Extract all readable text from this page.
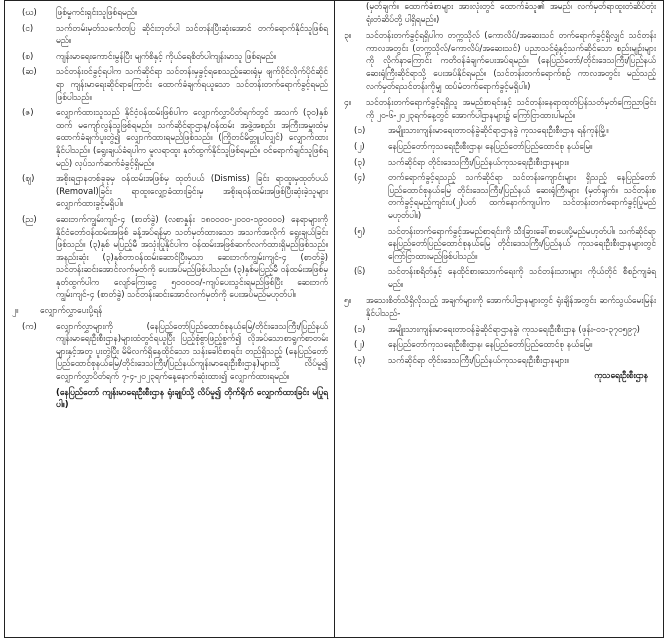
(ဃ)	ဖြစ်မှုကင်းရှင်းသူဖြစ်ရမည်။
(င)	သက်တမ်းမှတ်သင်္ကေတပြ ဆိုင်းဘုတ်ပါ သင်တန်းပြီးဆုံးအောင် တက်ရောက်နိုင်သူဖြစ်ရမည်။
(စ)	ကျန်းမာရေးကောင်းမွန်ပြီး မျက်စိနှင့် ကိုယ်ရေစိတ်ပါကျန်းမာသူ ဖြစ်ရမည်။
(ဆ)	သင်တန်းဝင်ခွင့်ရပါက သက်ဆိုင်ရာ သင်တန်းမှခွင့်ရစေသည့်ဆေးရုံမှ ဖျက်ဝိုင်လိုက်ပိုင်ဆိုင်ရာ ကျန်းမာရေးဆိုင်ရာကြောင်း ထောက်ခံချက်ရယူသော သင်တန်းတက်ရောက်ခွင့်ရမည်ဖြစ်ပါသည်။
(ဇ)	လျှောက်ထားသူသည် နိုင်ငံ့ဝန်ထမ်းဖြစ်ပါက လျှောက်လွှာပိတ်ရက်တွင် အသက် (၃၀)နှစ်ထက် မကျော်လွန်သူဖြစ်ရမည်။ သက်ဆိုင်ရာဌာန/ဝန်ထမ်း အဖွဲ့အစည်း အကြီးအမှူးထံမှ ထောက်ခံချက်ပူးတွဲ၍ လျှောက်ထားရမည်ဖြစ်သည်။ (ကြိုတင်မိတ္တူပါလျှင်) လျှောက်ထားနိုင်ပါသည်။ (ရွေးချယ်ခံရပါက မူလရာထူး နုတ်ထွက်နိုင်သူဖြစ်ရမည်။ ဝင်ရောက်ချင်သူဖြစ်ရမည်) လုပ်သက်ဆက်ခံခွင့်ရှိမည်။
(ဈ)	အစိုးရဌာနတစ်ခုခုမှ ဝန်ထမ်းအဖြစ်မှ ထုတ်ပယ် (Dismiss) ခြင်း ရာထူးမှထုတ်ပယ် (Removal)ခြင်း ရာထူးလျှော့ခံထားခြင်းမှ အစိုးရဝန်ထမ်းအဖြစ်ပြီးဆုံးခဲ့သူများ လျှောက်ထားခွင့်မရှိပါ။
(ည)	ဆေးဘက်ကျွမ်းကျင်-၄ (စာတ်ခွဲ) (လစာနှုန်း ၁၈၀၀၀၀-၂၀၀၀-၁၉၀၀၀၀) နေရာများကို နိုင်ငံတော်ဝန်ထမ်းအဖြစ် ခန့်အပ်ရန်မှာ သတ်မှတ်ထားသော အသက်အလိုက် ရွေးချယ်ခြင်းဖြစ်သည်။ (၃)နှစ် မပြည့်မီ အသုံးပြုနိုင်ပါက ဝန်ထမ်းအဖြစ်ဆက်လက်ထားရှိမည်ဖြစ်သည်။ အနည်းဆုံး (၃)နှစ်တာဝန်ထမ်းဆောင်ပြီးမှသာ ဆေးဘက်ကျွမ်းကျင်-၄ (စာတ်ခွဲ) သင်တန်းဆင်းအောင်လက်မှတ်ကို ပေးအပ်မည်ဖြစ်ပါသည်။ (၃)နှစ်မပြည့်မီ ဝန်ထမ်းအဖြစ်မှ နုတ်ထွက်ပါက လျော်ကြေးငွေ ၅၀၀၀၀၀/-ကျပ်ပေးသွင်းရမည်ဖြစ်ပြီး ဆေးဘက်ကျွမ်းကျင်-၄ (စာတ်ခွဲ) သင်တန်းဆင်းအောင်လက်မှတ်ကို ပေးအပ်မည်မဟုတ်ပါ။
၂။	လျှောက်လွှာပေးပို့ရန်
(က)	လျှောက်လွှာများကို (နေပြည်တော်ပြည်ထောင်စုနယ်မြေ/တိုင်းဒေသကြီး/ပြည်နယ်ကျန်းမာရေးဦးစီးဌာန)များထံတွင်ရယူပြီး ပြည့်စုံစွာဖြည့်စွက်၍ လိုအပ်သောစာရွက်စာတမ်းများနှင့်အတူ ပူးတွဲပြီး မိမိလက်ရှိနေထိုင်သော သန်းခေါင်စာရင်း တည်ရှိသည့် (နေပြည်တော်ပြည်ထောင်စုနယ်မြေ/တိုင်းဒေသကြီး/ပြည်နယ်ကျန်းမာရေးဦးစီးဌာန)များသို့ လိပ်မူ၍ လျှောက်လွှာပိတ်ရက် ၇-၄-၂၀၂၃ရက်နေ့နောက်ဆုံးထား၍ လျှောက်ထားရမည်။
(နေပြည်တော် ကျန်းမာရေးဦးစီးဌာန ရုံးချုပ်သို့ လိပ်မူ၍ တိုက်ရိုက် လျှောက်ထားခြင်း မပြုရပါ။)
(မှတ်ချက်။ ထောက်ခံစာများ အားလုံးတွင် ထောက်ခံသူ၏ အမည်၊ လက်မှတ်ရာထူးတံဆိပ်တုံး ရုံးတံဆိပ်တို့ ပါရှိရမည်။)
၃။	သင်တန်းတက်ခွင့်ရရှိပါက တက္ကသိုလ် (ကောလိပ်/အဆေးသင် တက်ရောက်ခွင့်ရှိလျှင် သင်တန်းကာလအတွင်း (တက္ကသိုလ်/ကောလိပ်/အဆေးသင်) ပညာသင်ရုံနှင့်သက်ဆိုင်သော စည်းမျဉ်းများကို လိုက်နာကြောင်း ကတိဝန်ခံချက်ပေးအပ်ရမည်။ (နေပြည်တော်/တိုင်းဒေသကြီး/ပြည်နယ်ဆေးရုံကြီးဆိုင်ရာသို့ ပေးအပ်နိုင်ရမည်။ (သင်တန်းတက်ရောက်စဉ် ကာလအတွင်း မည်သည့် လက်မှတ်ရသင်တန်းကိုမျှ ထပ်မံတက်ရောက်ခွင့်မရှိပါ။)
၄။	သင်တန်းတက်ရောက်ခွင့်ရရှိသူ အမည်စာရင်းနှင့် သင်တန်းနေရာထုတ်ပြန်သတ်မှတ်ကြေညာခြင်းကို ၂၀-၆-၂၀၂၃ရက်နေ့တွင် အောက်ပါဌာနများ၌ ကြော်ငြာထားပါမည်။
(၁)	အမျိုးသားကျန်းမာရေးတာဝန်ခွဲဆိုင်ရာဌာနခွဲ ကုသရေးဦးစီးဌာန ရန်ကုန်မြို့။
(၂)	နေပြည်တော်ကုသရေးဦးစီးဌာန၊ နေပြည်တော်ပြည်ထောင်စု နယ်မြေ။
(၃)	သက်ဆိုင်ရာ တိုင်းဒေသကြီး/ပြည်နယ်ကုသရေးဦးစီးဌာနများ။
(၄)	တက်ရောက်ခွင့်ရသည့် သက်ဆိုင်ရာ သင်တန်းကျောင်းများ ရှိသည့် နေပြည်တော် ပြည်ထောင်စုနယ်မြေ တိုင်းဒေသကြီး/ပြည်နယ် ဆေးရုံကြီးများ (မှတ်ချက်။ သင်တန်းစတက်ခွင့်ရမည့်ကျင်းပ(၂)ပတ် ထက်နောက်ကျပါက သင်တန်းတက်ရောက်ခွင့်ပြုမည်မဟုတ်ပါ။)
(၅)	သင်တန်းတက်ရောက်ခွင့်အမည်စာရင်းကို သီးခြားခေါ်စာပေးပို့မည်မဟုတ်ပါ။ သက်ဆိုင်ရာ နေပြည်တော်ပြည်ထောင်စုနယ်မြေ တိုင်းဒေသကြီး/ပြည်နယ် ကုသရေးဦးစီးဌာနများတွင် ကြော်ငြာထားမည်ဖြစ်ပါသည်။
(၆)	သင်တန်းစရိတ်နှင့် နေထိုင်စားသောက်ရေးကို သင်တန်းသားများ ကိုယ်တိုင် စီစဉ်ကျခံရမည်။
၅။	အသေးစိတ်သိရှိလိုသည့် အချက်များကို အောက်ပါဌာနများတွင် ရုံးချိန်အတွင်း ဆက်သွယ်မေးမြန်းနိုင်ပါသည်-
(၁)	အမျိုးသားကျန်းမာရေးတာဝန်ခွဲဆိုင်ရာဌာနခွဲ၊ ကုသရေးဦးစီးဌာန (ဖုန်း-၀၁-၃၇၀၅၉၇)
(၂)	နေပြည်တော်ကုသရေးဦးစီးဌာန၊ နေပြည်တော်ပြည်ထောင်စု နယ်မြေ။
(၃)	သက်ဆိုင်ရာ တိုင်းဒေသကြီး/ပြည်နယ်ကုသရေးဦးစီးဌာနများ။
ကုသရေးဦးစီးဌာန
